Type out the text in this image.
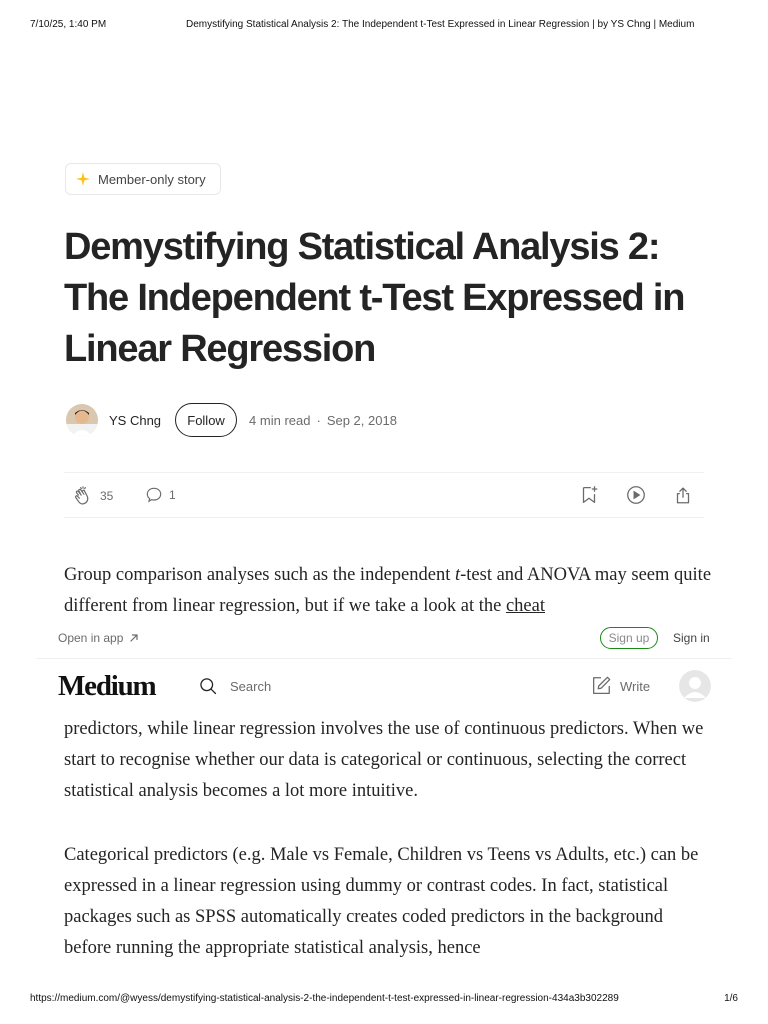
7/10/25, 1:40 PM	Demystifying Statistical Analysis 2: The Independent t-Test Expressed in Linear Regression | by YS Chng | Medium
Member-only story
Demystifying Statistical Analysis 2: The Independent t-Test Expressed in Linear Regression
YS Chng	Follow	4 min read · Sep 2, 2018
35	1

Group comparison analyses such as the independent t-test and ANOVA may seem quite different from linear regression, but if we take a look at the cheat

predictors, while linear regression involves the use of continuous predictors. When we start to recognise whether our data is categorical or continuous, selecting the correct statistical analysis becomes a lot more intuitive.

Categorical predictors (e.g. Male vs Female, Children vs Teens vs Adults, etc.) can be expressed in a linear regression using dummy or contrast codes. In fact, statistical packages such as SPSS automatically creates coded predictors in the background before running the appropriate statistical analysis, hence

Open in app	Sign up	Sign in
Medium
Search	Write
https://medium.com/@wyess/demystifying-statistical-analysis-2-the-independent-t-test-expressed-in-linear-regression-434a3b302289	1/6
